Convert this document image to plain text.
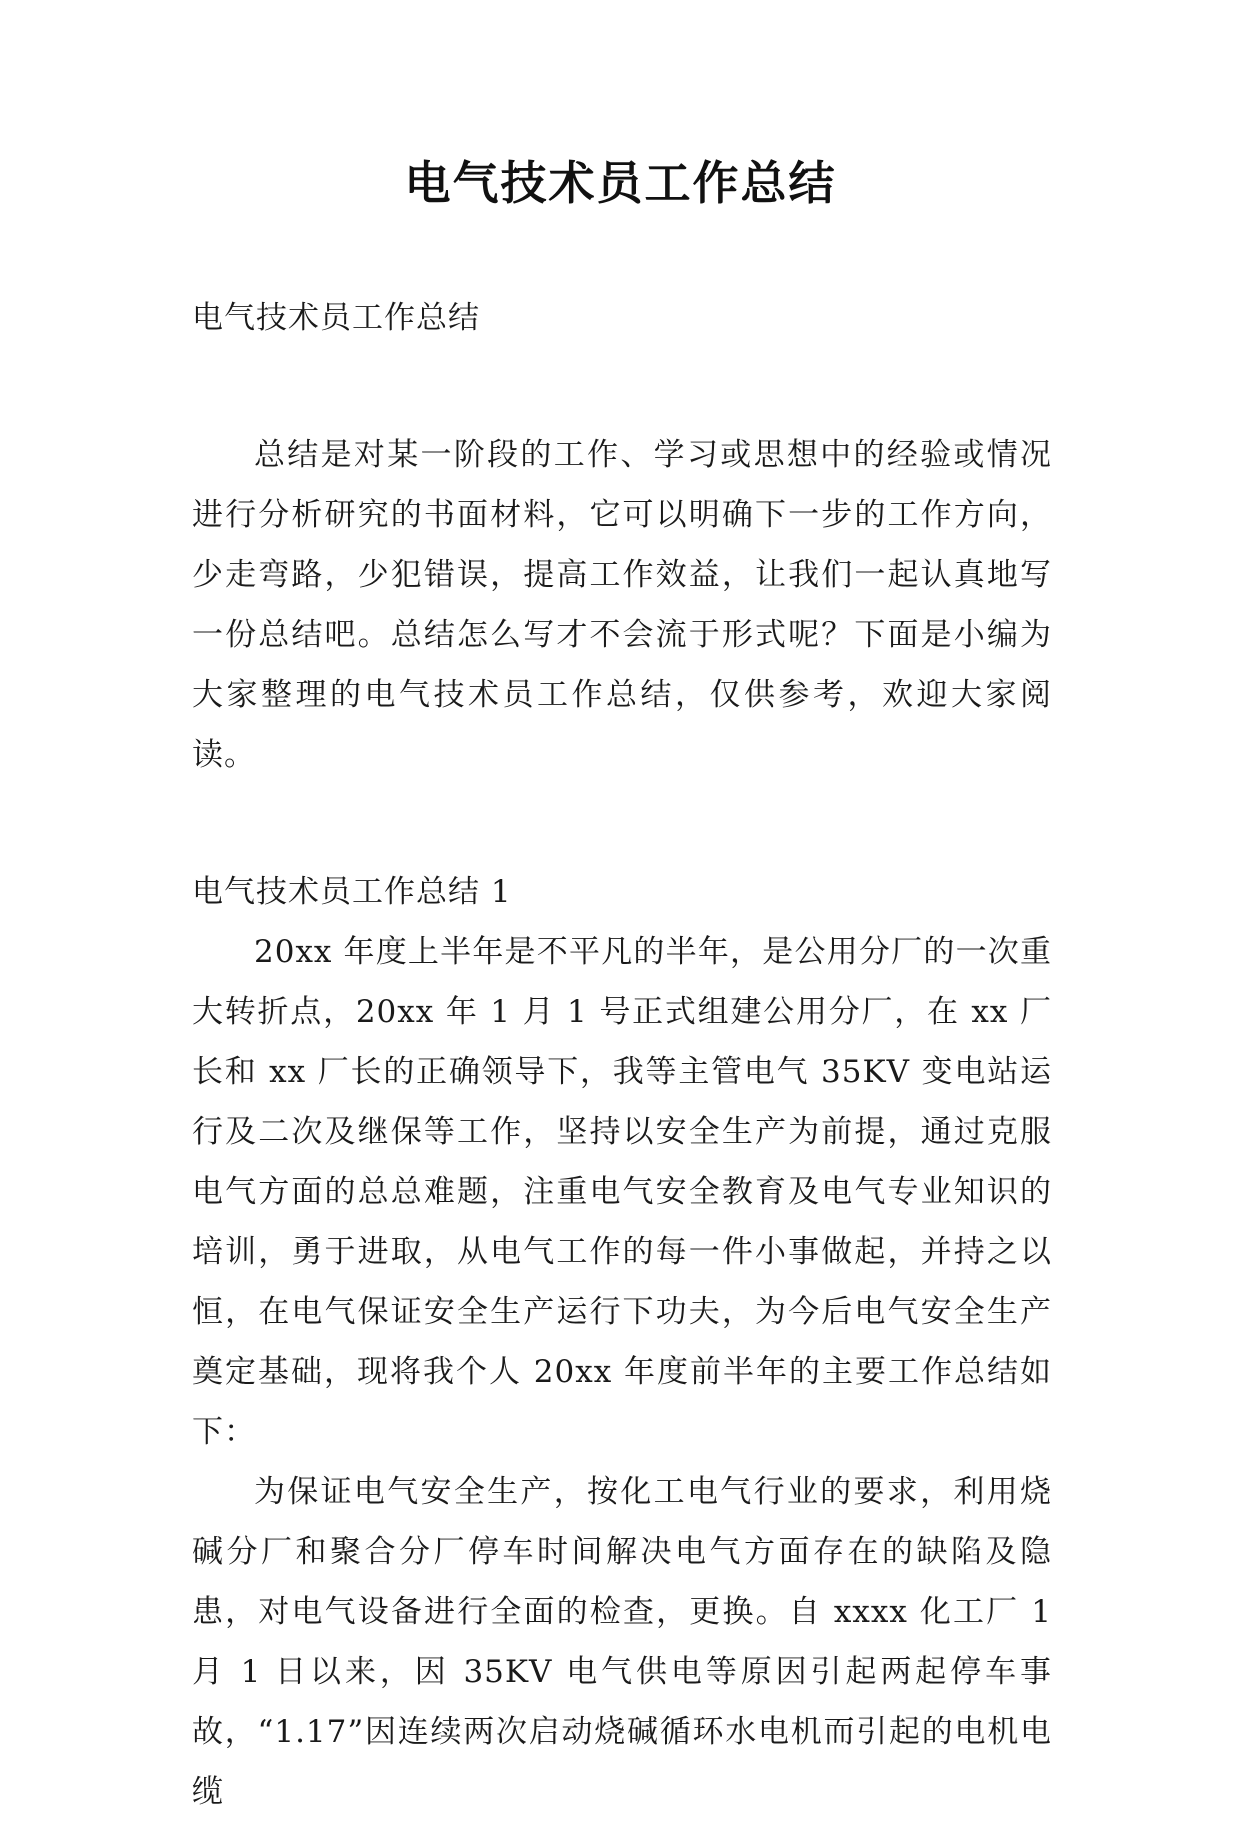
电气技术员工作总结

电气技术员工作总结

总结是对某一阶段的工作、学习或思想中的经验或情况进行分析研究的书面材料，它可以明确下一步的工作方向，少走弯路，少犯错误，提高工作效益，让我们一起认真地写一份总结吧。总结怎么写才不会流于形式呢？下面是小编为大家整理的电气技术员工作总结，仅供参考，欢迎大家阅读。

电气技术员工作总结 1

20xx 年度上半年是不平凡的半年，是公用分厂的一次重大转折点，20xx 年 1 月 1 号正式组建公用分厂，在 xx 厂长和 xx 厂长的正确领导下，我等主管电气 35KV 变电站运行及二次及继保等工作，坚持以安全生产为前提，通过克服电气方面的总总难题，注重电气安全教育及电气专业知识的培训，勇于进取，从电气工作的每一件小事做起，并持之以恒，在电气保证安全生产运行下功夫，为今后电气安全生产奠定基础，现将我个人 20xx 年度前半年的主要工作总结如下：

为保证电气安全生产，按化工电气行业的要求，利用烧碱分厂和聚合分厂停车时间解决电气方面存在的缺陷及隐患，对电气设备进行全面的检查，更换。自 xxxx 化工厂 1 月 1 日以来，因 35KV 电气供电等原因引起两起停车事故，“1.17”因连续两次启动烧碱循环水电机而引起的电机电缆
